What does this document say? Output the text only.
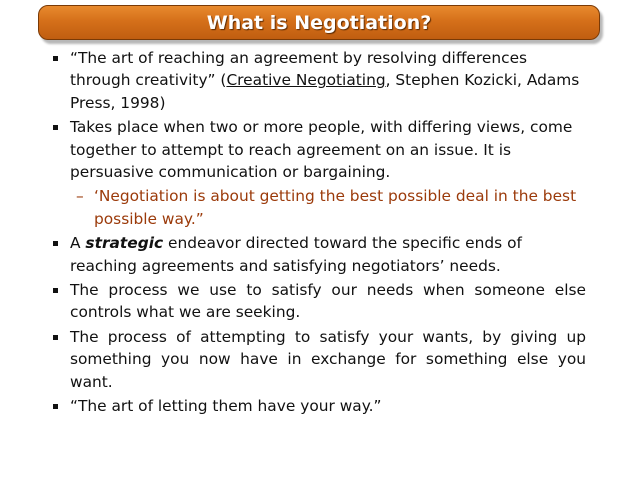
What is Negotiation?
“The art of reaching an agreement by resolving differences through creativity” (Creative Negotiating, Stephen Kozicki, Adams Press, 1998)
Takes place when two or more people, with differing views, come together to attempt to reach agreement on an issue. It is persuasive communication or bargaining.
– ‘Negotiation is about getting the best possible deal in the best possible way.”
A strategic endeavor directed toward the specific ends of reaching agreements and satisfying negotiators’ needs.
The process we use to satisfy our needs when someone else controls what we are seeking.
The process of attempting to satisfy your wants, by giving up something you now have in exchange for something else you want.
“The art of letting them have your way.”
